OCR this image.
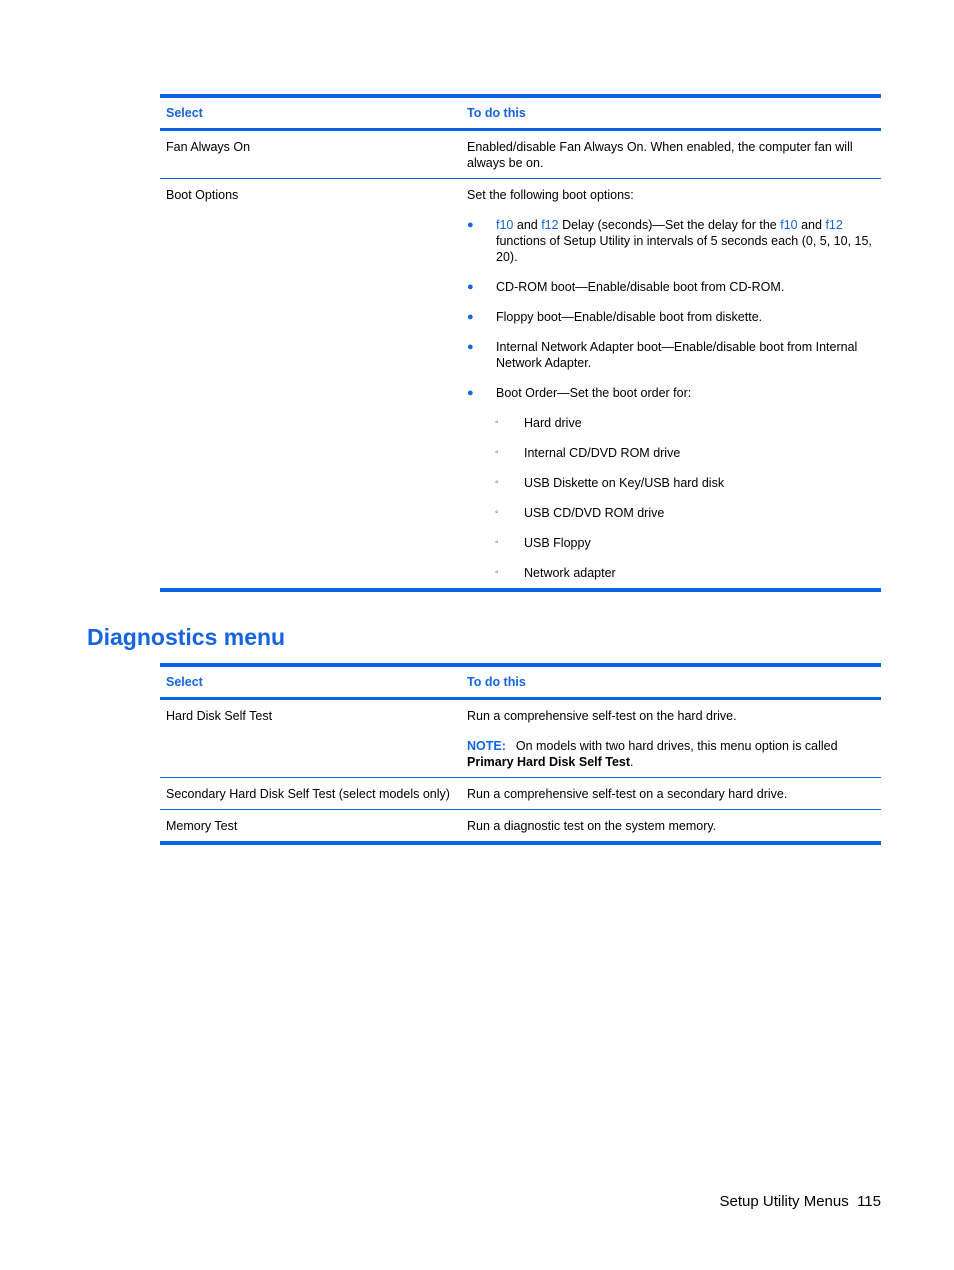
Select	To do this
Fan Always On	Enabled/disable Fan Always On. When enabled, the computer fan will always be on.
Boot Options	Set the following boot options:

●	f10 and f12 Delay (seconds)—Set the delay for the f10 and f12 functions of Setup Utility in intervals of 5 seconds each (0, 5, 10, 15, 20).
●	CD-ROM boot—Enable/disable boot from CD-ROM.
●	Floppy boot—Enable/disable boot from diskette.
●	Internal Network Adapter boot—Enable/disable boot from Internal Network Adapter.
●	Boot Order—Set the boot order for:
◦	Hard drive
◦	Internal CD/DVD ROM drive
◦	USB Diskette on Key/USB hard disk
◦	USB CD/DVD ROM drive
◦	USB Floppy
◦	Network adapter
Diagnostics menu
Select	To do this
Hard Disk Self Test	Run a comprehensive self-test on the hard drive.

NOTE: On models with two hard drives, this menu option is called Primary Hard Disk Self Test.

Secondary Hard Disk Self Test (select models only)	Run a comprehensive self-test on a secondary hard drive.
Memory Test	Run a diagnostic test on the system memory.
Setup Utility Menus 115
